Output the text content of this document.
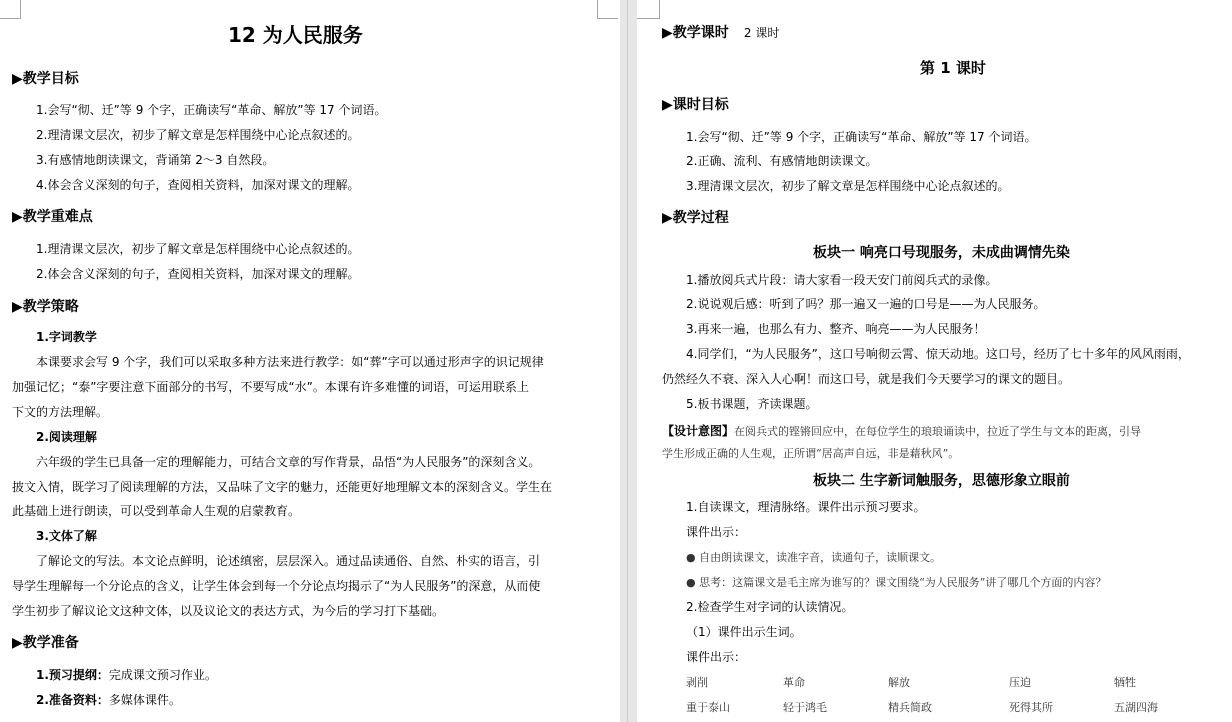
12 为人民服务
▶教学目标
1.会写“彻、迁”等 9 个字，正确读写“革命、解放”等 17 个词语。
2.理清课文层次，初步了解文章是怎样围绕中心论点叙述的。
3.有感情地朗读课文，背诵第 2～3 自然段。
4.体会含义深刻的句子，查阅相关资料，加深对课文的理解。
▶教学重难点
1.理清课文层次，初步了解文章是怎样围绕中心论点叙述的。
2.体会含义深刻的句子，查阅相关资料，加深对课文的理解。
▶教学策略
1.字词教学
本课要求会写 9 个字，我们可以采取多种方法来进行教学：如“葬”字可以通过形声字的识记规律
加强记忆；“泰”字要注意下面部分的书写，不要写成“水”。本课有许多难懂的词语，可运用联系上
下文的方法理解。
2.阅读理解
六年级的学生已具备一定的理解能力，可结合文章的写作背景，品悟“为人民服务”的深刻含义。
披文入情，既学习了阅读理解的方法，又品味了文字的魅力，还能更好地理解文本的深刻含义。学生在
此基础上进行朗读，可以受到革命人生观的启蒙教育。
3.文体了解
了解论文的写法。本文论点鲜明，论述缜密，层层深入。通过品读通俗、自然、朴实的语言，引
导学生理解每一个分论点的含义，让学生体会到每一个分论点均揭示了“为人民服务”的深意，从而使
学生初步了解议论文这种文体，以及议论文的表达方式，为今后的学习打下基础。
▶教学准备
1.预习提纲：完成课文预习作业。
2.准备资料：多媒体课件。
▶教学课时 2 课时
第 1 课时
▶课时目标
1.会写“彻、迁”等 9 个字，正确读写“革命、解放”等 17 个词语。
2.正确、流利、有感情地朗读课文。
3.理清课文层次，初步了解文章是怎样围绕中心论点叙述的。
▶教学过程
板块一 响亮口号现服务，未成曲调情先染
1.播放阅兵式片段：请大家看一段天安门前阅兵式的录像。
2.说说观后感：听到了吗？那一遍又一遍的口号是——为人民服务。
3.再来一遍，也那么有力、整齐、响亮——为人民服务！
4.同学们，“为人民服务”，这口号响彻云霄、惊天动地。这口号，经历了七十多年的风风雨雨，
仍然经久不衰、深入人心啊！而这口号，就是我们今天要学习的课文的题目。
5.板书课题，齐读课题。
【设计意图】在阅兵式的铿锵回应中，在每位学生的琅琅诵读中，拉近了学生与文本的距离，引导
学生形成正确的人生观，正所谓“居高声自远，非是藉秋风”。
板块二 生字新词触服务，思德形象立眼前
1.自读课文，理清脉络。课件出示预习要求。
课件出示：
● 自由朗读课文，读准字音，读通句子，读顺课文。
● 思考：这篇课文是毛主席为谁写的？课文围绕“为人民服务”讲了哪几个方面的内容？
2.检查学生对字词的认读情况。
（1）课件出示生词。
课件出示：
剥削	革命	解放	压迫	牺牲
重于泰山	轻于鸿毛	精兵简政	死得其所	五湖四海
